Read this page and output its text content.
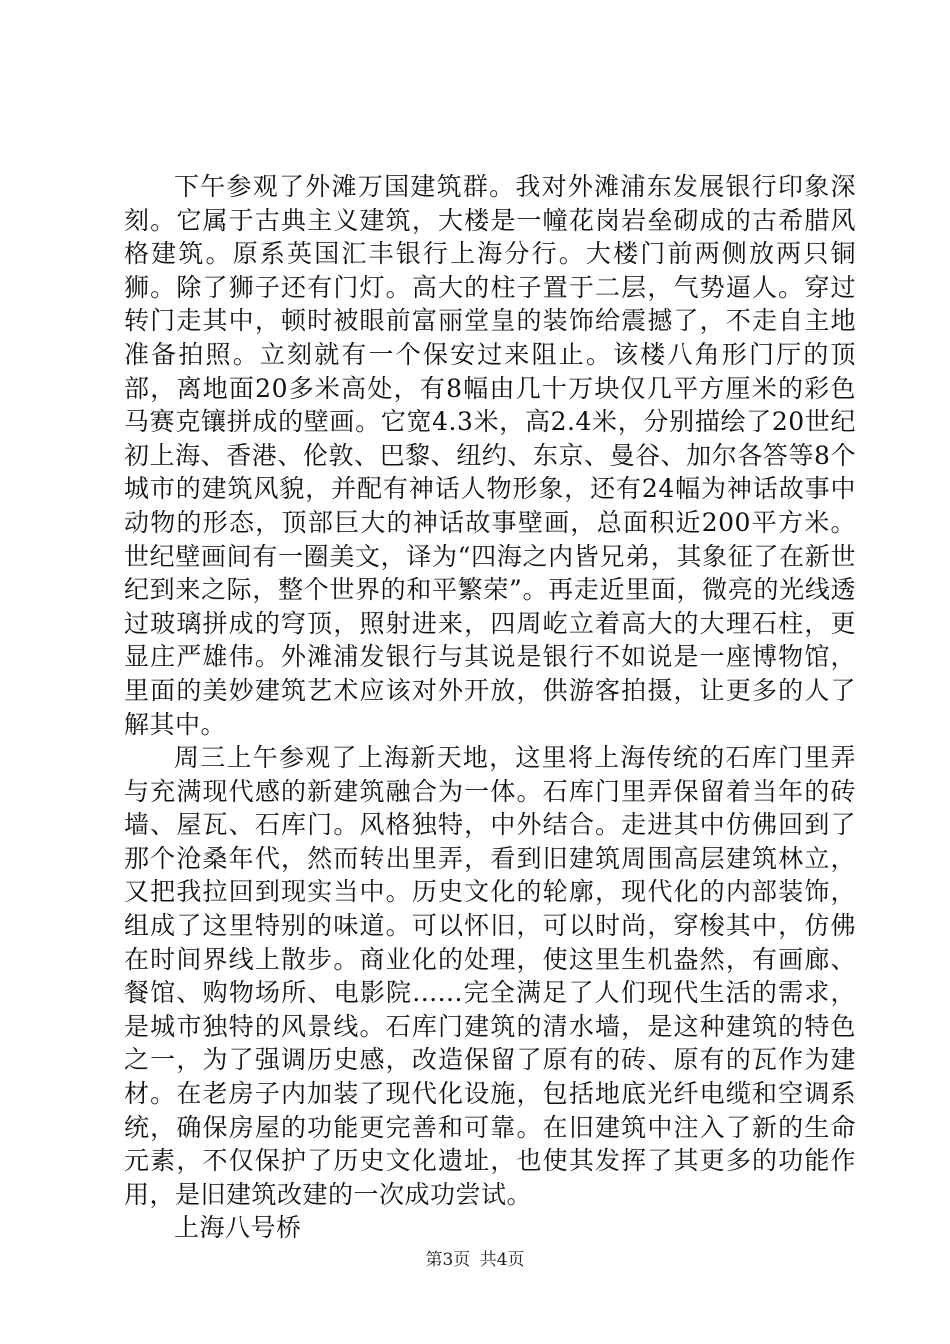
下午参观了外滩万国建筑群。我对外滩浦东发展银行印象深刻。它属于古典主义建筑，大楼是一幢花岗岩垒砌成的古希腊风格建筑。原系英国汇丰银行上海分行。大楼门前两侧放两只铜狮。除了狮子还有门灯。高大的柱子置于二层，气势逼人。穿过转门走其中，顿时被眼前富丽堂皇的装饰给震撼了，不走自主地准备拍照。立刻就有一个保安过来阻止。该楼八角形门厅的顶部，离地面20多米高处，有8幅由几十万块仅几平方厘米的彩色马赛克镶拼成的壁画。它宽4.3米，高2.4米，分别描绘了20世纪初上海、香港、伦敦、巴黎、纽约、东京、曼谷、加尔各答等8个城市的建筑风貌，并配有神话人物形象，还有24幅为神话故事中动物的形态，顶部巨大的神话故事壁画，总面积近200平方米。世纪壁画间有一圈美文，译为“四海之内皆兄弟，其象征了在新世纪到来之际，整个世界的和平繁荣”。再走近里面，微亮的光线透过玻璃拼成的穹顶，照射进来，四周屹立着高大的大理石柱，更显庄严雄伟。外滩浦发银行与其说是银行不如说是一座博物馆，里面的美妙建筑艺术应该对外开放，供游客拍摄，让更多的人了解其中。

周三上午参观了上海新天地，这里将上海传统的石库门里弄与充满现代感的新建筑融合为一体。石库门里弄保留着当年的砖墙、屋瓦、石库门。风格独特，中外结合。走进其中仿佛回到了那个沧桑年代，然而转出里弄，看到旧建筑周围高层建筑林立，又把我拉回到现实当中。历史文化的轮廓，现代化的内部装饰，组成了这里特别的味道。可以怀旧，可以时尚，穿梭其中，仿佛在时间界线上散步。商业化的处理，使这里生机盎然，有画廊、餐馆、购物场所、电影院......完全满足了人们现代生活的需求，是城市独特的风景线。石库门建筑的清水墙，是这种建筑的特色之一，为了强调历史感，改造保留了原有的砖、原有的瓦作为建材。在老房子内加装了现代化设施，包括地底光纤电缆和空调系统，确保房屋的功能更完善和可靠。在旧建筑中注入了新的生命元素，不仅保护了历史文化遗址，也使其发挥了其更多的功能作用，是旧建筑改建的一次成功尝试。

上海八号桥

第3页 共4页
